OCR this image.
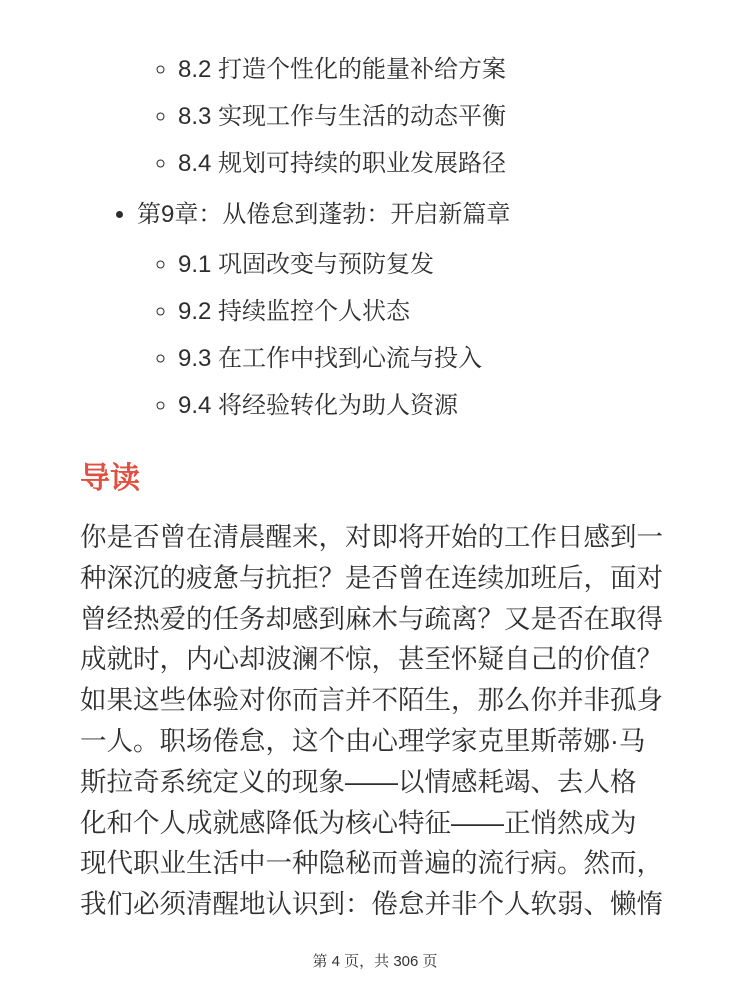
◦ 8.2 打造个性化的能量补给方案
◦ 8.3 实现工作与生活的动态平衡
◦ 8.4 规划可持续的职业发展路径
• 第9章：从倦怠到蓬勃：开启新篇章
◦ 9.1 巩固改变与预防复发
◦ 9.2 持续监控个人状态
◦ 9.3 在工作中找到心流与投入
◦ 9.4 将经验转化为助人资源
导读

你是否曾在清晨醒来，对即将开始的工作日感到一
种深沉的疲惫与抗拒？是否曾在连续加班后，面对
曾经热爱的任务却感到麻木与疏离？又是否在取得
成就时，内心却波澜不惊，甚至怀疑自己的价值？
如果这些体验对你而言并不陌生，那么你并非孤身
一人。职场倦怠，这个由心理学家克里斯蒂娜·马
斯拉奇系统定义的现象——以情感耗竭、去人格
化和个人成就感降低为核心特征——正悄然成为
现代职业生活中一种隐秘而普遍的流行病。然而，
我们必须清醒地认识到：倦怠并非个人软弱、懒惰

第 4 页，共 306 页
